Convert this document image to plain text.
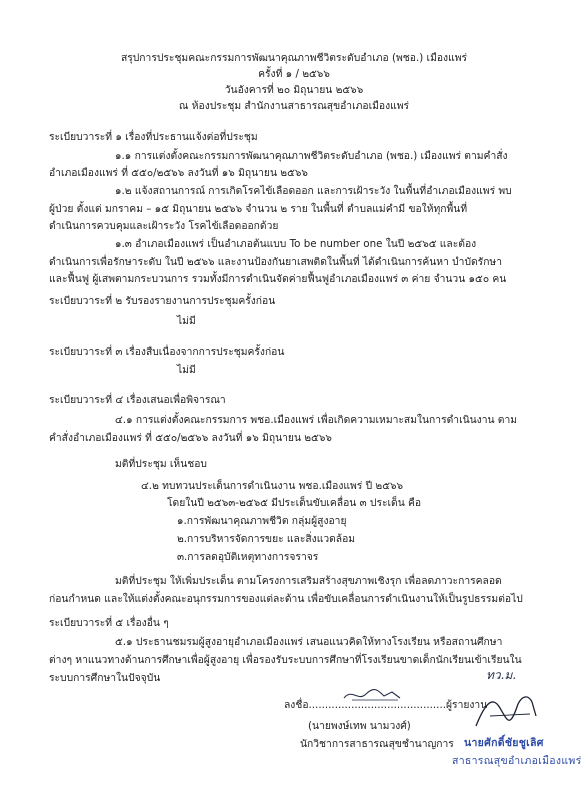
สรุปการประชุมคณะกรรมการพัฒนาคุณภาพชีวิตระดับอำเภอ (พชอ.) เมืองแพร่
ครั้งที่ ๑ / ๒๕๖๖
วันอังคารที่ ๒๐ มิถุนายน ๒๕๖๖
ณ ห้องประชุม สำนักงานสาธารณสุขอำเภอเมืองแพร่
ระเบียบวาระที่ ๑ เรื่องที่ประธานแจ้งต่อที่ประชุม
๑.๑ การแต่งตั้งคณะกรรมการพัฒนาคุณภาพชีวิตระดับอำเภอ (พชอ.) เมืองแพร่ ตามคำสั่ง
อำเภอเมืองแพร่ ที่ ๕๕๐/๒๕๖๖ ลงวันที่ ๑๖ มิถุนายน ๒๕๖๖
๑.๒ แจ้งสถานการณ์ การเกิดโรคไข้เลือดออก และการเฝ้าระวัง ในพื้นที่อำเภอเมืองแพร่ พบ
ผู้ป่วย ตั้งแต่ มกราคม – ๑๕ มิถุนายน ๒๕๖๖ จำนวน ๒ ราย ในพื้นที่ ตำบลแม่คำมี ขอให้ทุกพื้นที่
ดำเนินการควบคุมและเฝ้าระวัง โรคไข้เลือดออกด้วย
๑.๓ อำเภอเมืองแพร่ เป็นอำเภอต้นแบบ To be number one ในปี ๒๕๖๕ และต้อง
ดำเนินการเพื่อรักษาระดับ ในปี ๒๕๖๖ และงานป้องกันยาเสพติดในพื้นที่ ได้ดำเนินการค้นหา บำบัดรักษา
และฟื้นฟู ผู้เสพตามกระบวนการ รวมทั้งมีการดำเนินจัดค่ายฟื้นฟูอำเภอเมืองแพร่ ๓ ค่าย จำนวน ๑๕๐ คน
ระเบียบวาระที่ ๒ รับรองรายงานการประชุมครั้งก่อน
ไม่มี
ระเบียบวาระที่ ๓ เรื่องสืบเนื่องจากการประชุมครั้งก่อน
ไม่มี
ระเบียบวาระที่ ๔ เรื่องเสนอเพื่อพิจารณา
๔.๑ การแต่งตั้งคณะกรรมการ พชอ.เมืองแพร่ เพื่อเกิดความเหมาะสมในการดำเนินงาน ตาม
คำสั่งอำเภอเมืองแพร่ ที่ ๕๕๐/๒๕๖๖ ลงวันที่ ๑๖ มิถุนายน ๒๕๖๖
มติที่ประชุม เห็นชอบ
๔.๒ ทบทวนประเด็นการดำเนินงาน พชอ.เมืองแพร่ ปี ๒๕๖๖
โดยในปี ๒๕๖๓-๒๕๖๕ มีประเด็นขับเคลื่อน ๓ ประเด็น คือ
๑.การพัฒนาคุณภาพชีวิต กลุ่มผู้สูงอายุ
๒.การบริหารจัดการขยะ และสิ่งแวดล้อม
๓.การลดอุบัติเหตุทางการจราจร
มติที่ประชุม ให้เพิ่มประเด็น ตามโครงการเสริมสร้างสุขภาพเชิงรุก เพื่อลดภาวะการคลอด
ก่อนกำหนด และให้แต่งตั้งคณะอนุกรรมการของแต่ละด้าน เพื่อขับเคลื่อนการดำเนินงานให้เป็นรูปธรรมต่อไป
ระเบียบวาระที่ ๕ เรื่องอื่น ๆ
๕.๑ ประธานชมรมผู้สูงอายุอำเภอเมืองแพร่ เสนอแนวคิดให้ทางโรงเรียน หรือสถานศึกษา
ต่างๆ หาแนวทางด้านการศึกษาเพื่อผู้สูงอายุ เพื่อรองรับระบบการศึกษาที่โรงเรียนขาดเด็กนักเรียนเข้าเรียนใน
ระบบการศึกษาในปัจจุบัน	ทว.ม.
ลงชื่อ..........................................ผู้รายงาน
(นายพงษ์เทพ นามวงศ์)
นักวิชาการสาธารณสุขชำนาญการ นายศักดิ์ชัยชูเลิศ
สาธารณสุขอำเภอเมืองแพร่
